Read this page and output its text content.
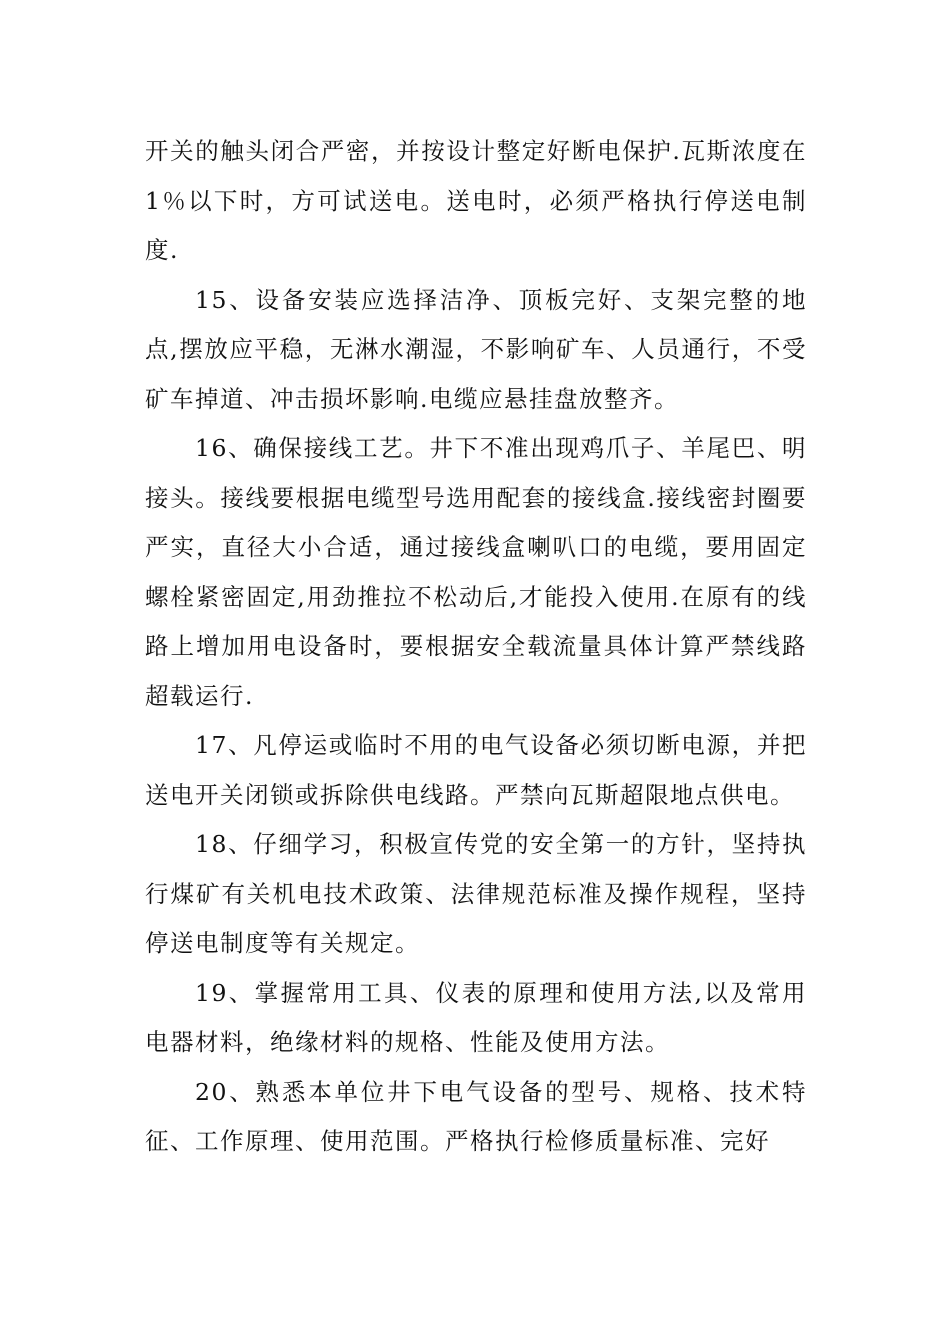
开关的触头闭合严密，并按设计整定好断电保护.瓦斯浓度在1％以下时，方可试送电。送电时，必须严格执行停送电制度.

15、设备安装应选择洁净、顶板完好、支架完整的地点,摆放应平稳，无淋水潮湿，不影响矿车、人员通行，不受矿车掉道、冲击损坏影响.电缆应悬挂盘放整齐。

16、确保接线工艺。井下不准出现鸡爪子、羊尾巴、明接头。接线要根据电缆型号选用配套的接线盒.接线密封圈要严实，直径大小合适，通过接线盒喇叭口的电缆，要用固定螺栓紧密固定,用劲推拉不松动后,才能投入使用.在原有的线路上增加用电设备时，要根据安全载流量具体计算严禁线路超载运行.

17、凡停运或临时不用的电气设备必须切断电源，并把送电开关闭锁或拆除供电线路。严禁向瓦斯超限地点供电。

18、仔细学习，积极宣传党的安全第一的方针，坚持执行煤矿有关机电技术政策、法律规范标准及操作规程，坚持停送电制度等有关规定。

19、掌握常用工具、仪表的原理和使用方法,以及常用电器材料，绝缘材料的规格、性能及使用方法。

20、熟悉本单位井下电气设备的型号、规格、技术特征、工作原理、使用范围。严格执行检修质量标准、完好
